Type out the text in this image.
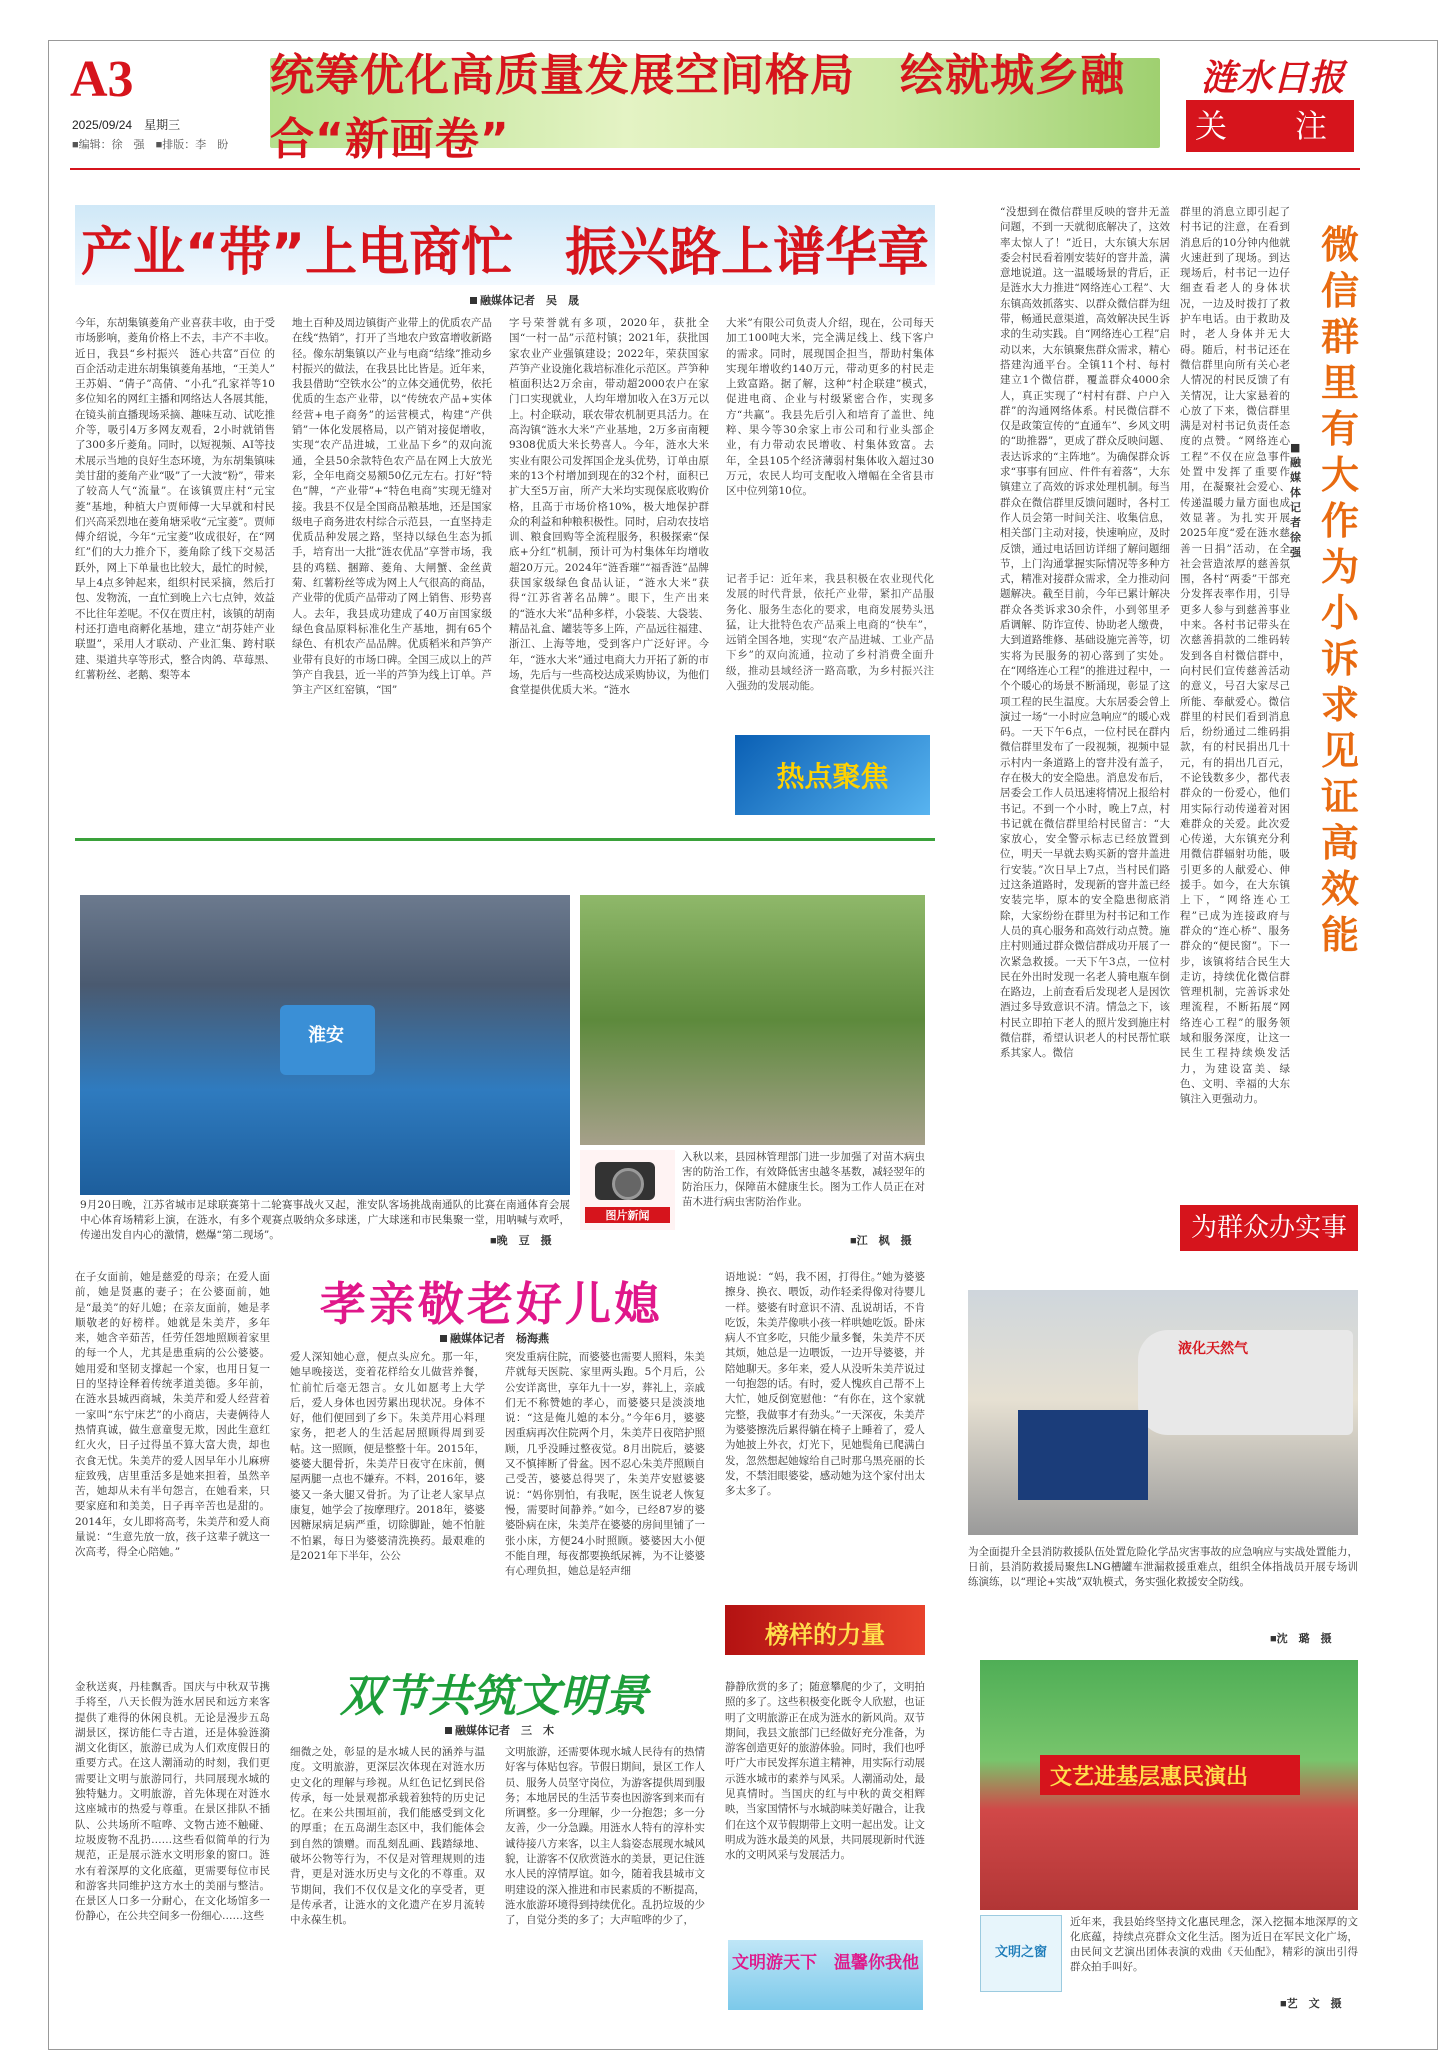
A3
2025/09/24　 星期三
■编辑：徐　强　■排版：李　盼
统筹优化高质量发展空间格局　绘就城乡融合“新画卷”
涟水日报
关　注
产业“带”上电商忙　振兴路上谱华章
融媒体记者　吴　晟
今年，东胡集镇菱角产业喜获丰收，由于受市场影响，菱角价格上不去，丰产不丰收。近日，我县“乡村振兴　涟心共富”百位 的百企活动走进东胡集镇菱角基地，“王美人” 王苏娟、“倩子”高倩、“小孔”孔家祥等10多位知名的网红主播和网络达人各展其能，在镜头前直播现场采摘、趣味互动、试吃推介等，吸引4万多网友观看，2小时就销售了300多斤菱角。同时，以短视频、AI等技术展示当地的良好生态环境，为东胡集镇味美甘甜的菱角产业“吸”了一大波“粉”，带来了较高人气“流量”。在该镇贾庄村“元宝菱”基地，种植大户贾师傅一大早就和村民们兴高采烈地在菱角塘采收“元宝菱”。贾师傅介绍说，今年“元宝菱”收成很好，在“网红”们的大力推介下，菱角除了线下交易活跃外，网上下单量也比较大，最忙的时候，早上4点多钟起来，组织村民采摘，然后打包、发物流，一直忙到晚上六七点钟，效益不比往年差呢。不仅在贾庄村，该镇的胡南村还打造电商孵化基地，建立“胡芬娃产业联盟”，采用人才联动、产业汇集、跨村联建、渠道共享等形式，整合肉鸽、草莓黑、红薯粉丝、老鹅、梨等本
地土百种及周边镇街产业带上的优质农产品在线“热销”，打开了当地农户致富增收新路径。像东胡集镇以产业与电商“结缘”推动乡村振兴的做法，在我县比比皆是。近年来，我县借助“空铁水公”的立体交通优势，依托优质的生态产业带，以“传统农产品+实体经营+电子商务”的运营模式，构建“产供销”一体化发展格局，以产销对接促增收，实现“农产品进城，工业品下乡”的双向流通，全县50余款特色农产品在网上大放光彩，全年电商交易额50亿元左右。打好“特色”牌，“产业带”+“特色电商”实现无缝对接。我县不仅是全国商品粮基地，还是国家级电子商务进农村综合示范县，一直坚持走优质品种发展之路，坚持以绿色生态为抓手，培育出一大批“涟农优品”享誉市场，我县的鸡糕、捆蹄、菱角、大闸蟹、金丝黄菊、红薯粉丝等成为网上人气很高的商品，产业带的优质产品带动了网上销售、形势喜人。去年，我县成功建成了40万亩国家级绿色食品原料标准化生产基地，拥有65个绿色、有机农产品品牌。优质稻米和芦笋产业带有良好的市场口碑。全国三成以上的芦笋产自我县，近一半的芦笋为线上订单。芦笋主产区红窑镇，“国”
字号荣誉就有多项，2020年，获批全国“一村一品”示范村镇；2021年，获批国家农业产业强镇建设；2022年，荣获国家芦笋产业设施化栽培标准化示范区。芦笋种植面积达2万余亩，带动超2000农户在家门口实现就业，人均年增加收入在3万元以上。村企联动，联农带农机制更具活力。在高沟镇“涟水大米”产业基地，2万多亩南粳9308优质大米长势喜人。今年，涟水大米实业有限公司发挥国企龙头优势，订单由原来的13个村增加到现在的32个村，面积已扩大至5万亩，所产大米均实现保底收购价格，且高于市场价格10%，极大地保护群众的利益和种粮积极性。同时，启动农技培训、粮食回购等全流程服务，积极探索“保底+分红”机制，预计可为村集体年均增收超20万元。2024年“涟香璀”“福香涟”品牌获国家级绿色食品认证，“涟水大米”获得“江苏省著名品牌”。眼下，生产出来的“涟水大米”品种多样，小袋装、大袋装、精品礼盒、罐装等多上阵，产品远往福建、浙江、上海等地，受到客户广泛好评。今年，“涟水大米”通过电商大力开拓了新的市场，先后与一些高校达成采购协议，为他们食堂提供优质大米。“涟水
大米”有限公司负责人介绍，现在，公司每天加工100吨大米，完全满足线上、线下客户的需求。同时，展现国企担当，帮助村集体实现年增收约140万元，带动更多的村民走上致富路。据了解，这种“村企联建”模式，促进电商、企业与村级紧密合作，实现多方“共赢”。我县先后引入和培育了盖世、纯粹、果今等30余家上市公司和行业头部企业，有力带动农民增收、村集体致富。去年，全县105个经济薄弱村集体收入超过30万元，农民人均可支配收入增幅在全省县市区中位列第10位。
记者手记：近年来，我县积极在农业现代化发展的时代背景，依托产业带，紧扣产品服务化、服务生态化的要求，电商发展势头迅猛，让大批特色农产品乘上电商的“快车”，远销全国各地，实现“农产品进城、工业产品下乡”的双向流通，拉动了乡村消费全面升级，推动县域经济一路高歌，为乡村振兴注入强劲的发展动能。
热点聚焦
淮安
9月20日晚，江苏省城市足球联赛第十二轮赛事战火又起，淮安队客场挑战南通队的比赛在南通体育会展中心体育场精彩上演，在涟水，有多个观赛点吸纳众多球迷，广大球迷和市民集聚一堂，用呐喊与欢呼，传递出发自内心的激情，燃爆“第二现场”。	■晚　豆　摄
图片新闻
入秋以来，县园林管理部门进一步加强了对苗木病虫害的防治工作，有效降低害虫越冬基数，减轻翌年的防治压力，保障苗木健康生长。图为工作人员正在对苗木进行病虫害防治作业。
■江　枫　摄
“没想到在微信群里反映的窨井无盖问题，不到一天就彻底解决了，这效率太惊人了！”近日，大东镇大东居委会村民看着刚安装好的窨井盖，满意地说道。这一温暖场景的背后，正是涟水大力推进“网络连心工程”、大东镇高效抓落实、以群众微信群为纽带，畅通民意渠道，高效解决民生诉求的生动实践。自“网络连心工程”启动以来，大东镇聚焦群众需求，精心搭建沟通平台。全镇11个村、每村建立1个微信群，覆盖群众4000余人，真正实现了“村村有群、户户入群”的沟通网络体系。村民微信群不仅是政策宣传的“直通车”、乡风文明的“助推器”，更成了群众反映问题、表达诉求的“主阵地”。为确保群众诉求“事事有回应、件件有着落”，大东镇建立了高效的诉求处理机制。每当群众在微信群里反馈问题时，各村工作人员会第一时间关注、收集信息，相关部门主动对接，快速响应，及时反馈，通过电话回访详细了解问题细节，上门沟通掌握实际情况等多种方式，精准对接群众需求，全力推动问题解决。截至目前，今年已累计解决群众各类诉求30余件，小到邻里矛盾调解、防诈宣传、协助老人缴费，大到道路维修、基础设施完善等，切实将为民服务的初心落到了实处。在“网络连心工程”的推进过程中，一个个暖心的场景不断涌现，彰显了这项工程的民生温度。大东居委会曾上演过一场“一小时应急响应”的暖心戏码。一天下午6点，一位村民在群内微信群里发布了一段视频，视频中显示村内一条道路上的窨井没有盖子，存在极大的安全隐患。消息发布后，居委会工作人员迅速将情况上报给村书记。不到一个小时，晚上7点，村书记就在微信群里给村民留言：“大家放心，安全警示标志已经放置到位，明天一早就去购买新的窨井盖进行安装。”次日早上7点，当村民们路过这条道路时，发现新的窨井盖已经安装完毕，原本的安全隐患彻底消除，大家纷纷在群里为村书记和工作人员的真心服务和高效行动点赞。施庄村则通过群众微信群成功开展了一次紧急救援。一天下午3点，一位村民在外出时发现一名老人骑电瓶车倒在路边，上前查看后发现老人是因饮酒过多导致意识不清。情急之下，该村民立即拍下老人的照片发到施庄村微信群，希望认识老人的村民帮忙联系其家人。微信
群里的消息立即引起了村书记的注意，在看到消息后的10分钟内他就火速赶到了现场。到达现场后，村书记一边仔细查看老人的身体状况，一边及时拨打了救护车电话。由于救助及时，老人身体并无大碍。随后，村书记还在微信群里向所有关心老人情况的村民反馈了有关情况，让大家悬着的心放了下来，微信群里满是对村书记负责任态度的点赞。“网络连心工程”不仅在应急事件处置中发挥了重要作用，在凝聚社会爱心、传递温暖力量方面也成效显著。为扎实开展2025年度“爱在涟水慈善一日捐”活动，在全社会营造浓厚的慈善氛围，各村“两委”干部充分发挥表率作用，引导更多人参与到慈善事业中来。各村书记带头在次慈善捐款的二维码转发到各自村微信群中，向村民们宣传慈善活动的意义，号召大家尽己所能、奉献爱心。微信群里的村民们看到消息后，纷纷通过二维码捐款，有的村民捐出几十元，有的捐出几百元，不论钱数多少，都代表群众的一份爱心，他们用实际行动传递着对困难群众的关爱。此次爱心传递，大东镇充分利用微信群辐射功能，吸引更多的人献爱心、伸援手。如今，在大东镇上下，“网络连心工程”已成为连接政府与群众的“连心桥”、服务群众的“便民窗”。下一步，该镇将结合民生大走访，持续优化微信群管理机制，完善诉求处理流程，不断拓展“网络连心工程”的服务领域和服务深度，让这一民生工程持续焕发活力，为建设富美、绿色、文明、幸福的大东镇注入更强动力。
微信群里有大作为　小诉求见证高效能
■融媒体记者　徐　强
为群众办实事
孝亲敬老好儿媳
融媒体记者　杨海燕
在子女面前，她是慈爱的母亲；在爱人面前，她是贤惠的妻子；在公婆面前，她是“最美”的好儿媳；在亲友面前，她是孝顺敬老的好榜样。她就是朱美芹，多年来，她含辛茹苦，任劳任怨地照顾着家里的每一个人，尤其是患重病的公公婆婆。她用爱和坚韧支撑起一个家，也用日复一日的坚持诠释着传统孝道美德。多年前，在涟水县城西商城，朱美芹和爱人经营着一家叫“东宁床艺”的小商店，夫妻俩待人热情真诚，做生意童叟无欺，因此生意红红火火，日子过得虽不算大富大贵，却也衣食无忧。朱美芹的爱人因早年小儿麻痹症致残，店里重活多是她来担着，虽然辛苦，她却从未有半句怨言，在她看来，只要家庭和和美美，日子再辛苦也是甜的。2014年，女儿即将高考，朱美芹和爱人商量说：“生意先放一放，孩子这辈子就这一次高考，得全心陪她。”
爱人深知她心意，便点头应允。那一年，她早晚接送，变着花样给女儿做营养餐，忙前忙后毫无怨言。女儿如愿考上大学后，爱人身体也因劳累出现状况。身体不好，他们便回到了乡下。朱美芹用心料理家务，把老人的生活起居照顾得周到妥帖。这一照顾，便是整整十年。2015年，婆婆大腿骨折，朱美芹日夜守在床前，侧屋两腿一点也不嫌弃。不料，2016年，婆婆又一条大腿又骨折。为了让老人家早点康复，她学会了按摩理疗。2018年，婆婆因糖尿病足病严重，切除脚趾，她不怕脏不怕累，每日为婆婆清洗换药。最艰难的是2021年下半年，公公
突发重病住院，而婆婆也需要人照料，朱美芹就每天医院、家里两头跑。5个月后，公公安详离世，享年九十一岁，葬礼上，亲戚们无不称赞她的孝心，而婆婆只是淡淡地说：“这是俺儿媳的本分。”今年6月，婆婆因重病再次住院两个月，朱美芹日夜陪护照顾，几乎没睡过整夜觉。8月出院后，婆婆又不慎摔断了骨盆。因不忍心朱美芹照顾自己受苦，婆婆总得哭了，朱美芹安慰婆婆说：“妈你别怕，有我呢，医生说老人恢复慢，需要时间静养。”如今，已经87岁的婆婆卧病在床，朱美芹在婆婆的房间里铺了一张小床，方便24小时照顾。婆婆因大小便不能自理，每夜都要换纸尿裤，为不让婆婆有心理负担，她总是轻声细
语地说：“妈，我不困，打得住。”她为婆婆擦身、换衣、喂饭，动作轻柔得像对待婴儿一样。婆婆有时意识不清、乱说胡话，不肯吃饭，朱美芹像哄小孩一样哄她吃饭。卧床病人不宜多吃，只能少量多餐，朱美芹不厌其烦，她总是一边喂饭，一边开导婆婆，并陪她聊天。多年来，爱人从没听朱美芹说过一句抱怨的话。有时，爱人愧疚自己帮不上大忙，她反倒宽慰他：“有你在，这个家就完整，我做事才有劲头。”一天深夜，朱美芹为婆婆擦洗后累得躺在椅子上睡着了，爱人为她披上外衣，灯光下，见她鬓角已爬满白发，忽然想起她嫁给自己时那乌黑亮丽的长发，不禁泪眼婆娑，感动她为这个家付出太多太多了。
榜样的力量
双节共筑文明景
融媒体记者　三　木
金秋送爽，丹桂飘香。国庆与中秋双节携手将至，八天长假为涟水居民和远方来客提供了难得的休闲良机。无论是漫步五岛湖景区，探访能仁寺古道，还是体验涟漪湖文化街区，旅游已成为人们欢度假日的重要方式。在这人潮涌动的时刻，我们更需要让文明与旅游同行，共同展现水城的独特魅力。文明旅游，首先体现在对涟水这座城市的热爱与尊重。在景区排队不插队、公共场所不喧哗、文物古迹不触碰、垃圾废物不乱扔……这些看似简单的行为规范，正是展示涟水文明形象的窗口。涟水有着深厚的文化底蕴，更需要每位市民和游客共同维护这方水土的美丽与整洁。在景区人口多一分耐心，在文化场馆多一份静心，在公共空间多一份细心……这些
细微之处，彰显的是水城人民的涵养与温度。文明旅游，更深层次体现在对涟水历史文化的理解与珍视。从红色记忆到民俗传承，每一处景观都承载着独特的历史记忆。在来公共围垣前，我们能感受到文化的厚重；在五岛湖生态区中，我们能体会到自然的馈赠。而乱刻乱画、践踏绿地、破坏公物等行为，不仅是对管理规则的违背，更是对涟水历史与文化的不尊重。双节期间，我们不仅仅是文化的享受者，更是传承者，让涟水的文化遗产在岁月流转中永葆生机。
文明旅游，还需要体现水城人民待有的热情好客与体贴包容。节假日期间，景区工作人员、服务人员坚守岗位，为游客提供周到服务；本地居民的生活节奏也因游客到来而有所调整。多一分理解，少一分抱怨；多一分友善，少一分急躁。用涟水人特有的淳朴实诚待接八方来客，以主人翁姿态展现水城风貌，让游客不仅欣赏涟水的美景，更记住涟水人民的淳情厚谊。如今，随着我县城市文明建设的深入推进和市民素质的不断提高，涟水旅游环境得到持续优化。乱扔垃圾的少了，自觉分类的多了；大声喧哗的少了，
静静欣赏的多了；随意攀爬的少了，文明拍照的多了。这些积极变化既令人欣慰，也证明了文明旅游正在成为涟水的新风尚。双节期间，我县文旅部门已经做好充分准备，为游客创造更好的旅游体验。同时，我们也呼吁广大市民发挥东道主精神，用实际行动展示涟水城市的素养与风采。人潮涌动处，最见真情时。当国庆的红与中秋的黄交相辉映，当家国情怀与水城韵味美好融合，让我们在这个双节假期带上文明一起出发。让文明成为涟水最美的风景，共同展现新时代涟水的文明风采与发展活力。
文明游天下　温馨你我他
液化天然气
为全面提升全县消防救援队伍处置危险化学品灾害事故的应急响应与实战处置能力，日前，县消防救援局聚焦LNG槽罐车泄漏救援重难点，组织全体指战员开展专场训练演练，以“理论+实战”双轨模式，务实强化救援安全防线。
■沈　璐　摄
文艺进基层惠民演出
文明之窗
近年来，我县始终坚持文化惠民理念，深入挖掘本地深厚的文化底蕴，持续点亮群众文化生活。图为近日在军民文化广场，由民间文艺演出团体表演的戏曲《天仙配》，精彩的演出引得群众拍手叫好。
■艺　文　摄
